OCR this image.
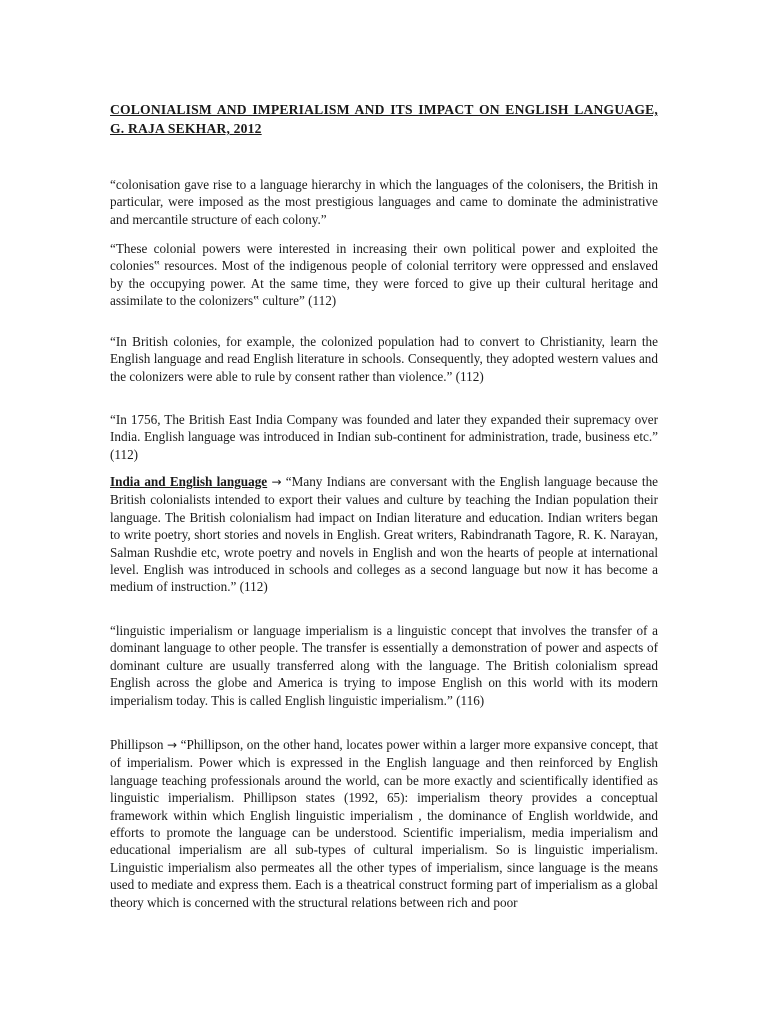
COLONIALISM AND IMPERIALISM AND ITS IMPACT ON ENGLISH LANGUAGE, G. RAJA SEKHAR, 2012

“colonisation gave rise to a language hierarchy in which the languages of the colonisers, the British in particular, were imposed as the most prestigious languages and came to dominate the administrative and mercantile structure of each colony.”

“These colonial powers were interested in increasing their own political power and exploited the colonies‟ resources. Most of the indigenous people of colonial territory were oppressed and enslaved by the occupying power. At the same time, they were forced to give up their cultural heritage and assimilate to the colonizers‟ culture” (112)

“In British colonies, for example, the colonized population had to convert to Christianity, learn the English language and read English literature in schools. Consequently, they adopted western values and the colonizers were able to rule by consent rather than violence.” (112)

“In 1756, The British East India Company was founded and later they expanded their supremacy over India. English language was introduced in Indian sub-continent for administration, trade, business etc.” (112)

India and English language → “Many Indians are conversant with the English language because the British colonialists intended to export their values and culture by teaching the Indian population their language. The British colonialism had impact on Indian literature and education. Indian writers began to write poetry, short stories and novels in English. Great writers, Rabindranath Tagore, R. K. Narayan, Salman Rushdie etc, wrote poetry and novels in English and won the hearts of people at international level. English was introduced in schools and colleges as a second language but now it has become a medium of instruction.” (112)

“linguistic imperialism or language imperialism is a linguistic concept that involves the transfer of a dominant language to other people. The transfer is essentially a demonstration of power and aspects of dominant culture are usually transferred along with the language. The British colonialism spread English across the globe and America is trying to impose English on this world with its modern imperialism today. This is called English linguistic imperialism.” (116)

Phillipson → “Phillipson, on the other hand, locates power within a larger more expansive concept, that of imperialism. Power which is expressed in the English language and then reinforced by English language teaching professionals around the world, can be more exactly and scientifically identified as linguistic imperialism. Phillipson states (1992, 65): imperialism theory provides a conceptual framework within which English linguistic imperialism , the dominance of English worldwide, and efforts to promote the language can be understood. Scientific imperialism, media imperialism and educational imperialism are all sub-types of cultural imperialism. So is linguistic imperialism. Linguistic imperialism also permeates all the other types of imperialism, since language is the means used to mediate and express them. Each is a theatrical construct forming part of imperialism as a global theory which is concerned with the structural relations between rich and poor
